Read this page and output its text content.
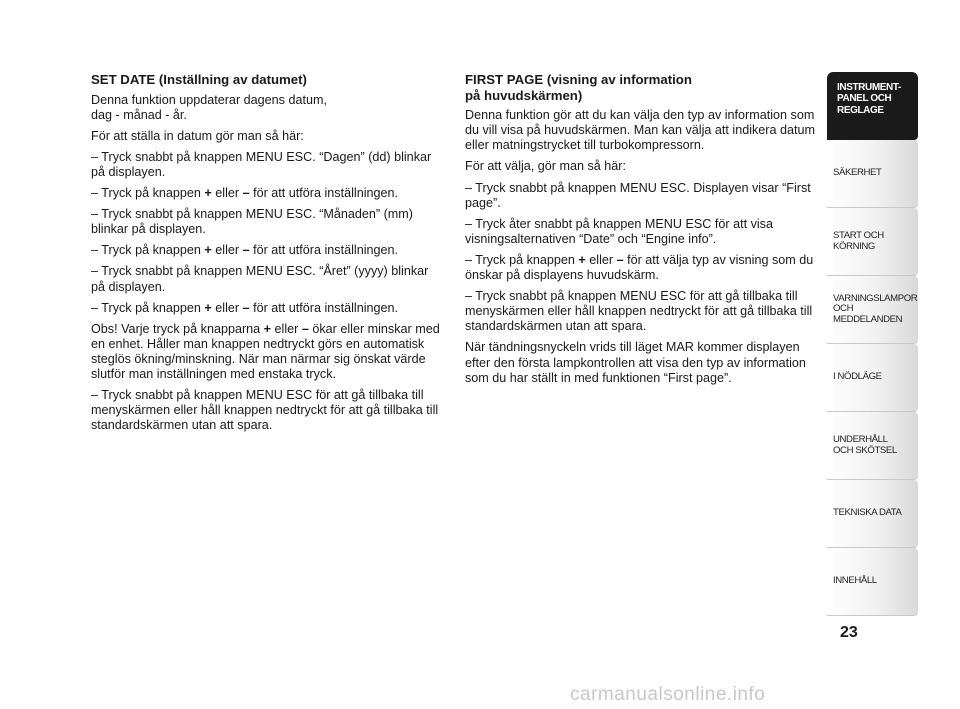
SET DATE (Inställning av datumet)

Denna funktion uppdaterar dagens datum,
dag - månad - år.

För att ställa in datum gör man så här:

– Tryck snabbt på knappen MENU ESC. “Dagen” (dd) blinkar på displayen.

– Tryck på knappen + eller – för att utföra inställningen.

– Tryck snabbt på knappen MENU ESC. “Månaden” (mm) blinkar på displayen.

– Tryck på knappen + eller – för att utföra inställningen.

– Tryck snabbt på knappen MENU ESC. “Året” (yyyy) blinkar på displayen.

– Tryck på knappen + eller – för att utföra inställningen.

Obs! Varje tryck på knapparna + eller – ökar eller minskar med en enhet. Håller man knappen nedtryckt görs en automatisk steglös ökning/minskning. När man närmar sig önskat värde slutför man inställningen med enstaka tryck.

– Tryck snabbt på knappen MENU ESC för att gå tillbaka till menyskärmen eller håll knappen nedtryckt för att gå tillbaka till standardskärmen utan att spara.

FIRST PAGE (visning av information
på huvudskärmen)

Denna funktion gör att du kan välja den typ av information som du vill visa på huvudskärmen. Man kan välja att indikera datum eller matningstrycket till turbokompressorn.

För att välja, gör man så här:

– Tryck snabbt på knappen MENU ESC. Displayen visar “First page”.

– Tryck åter snabbt på knappen MENU ESC för att visa visningsalternativen “Date” och “Engine info”.

– Tryck på knappen + eller – för att välja typ av visning som du önskar på displayens huvudskärm.

– Tryck snabbt på knappen MENU ESC för att gå tillbaka till menyskärmen eller håll knappen nedtryckt för att gå tillbaka till standardskärmen utan att spara.

När tändningsnyckeln vrids till läget MAR kommer displayen efter den första lampkontrollen att visa den typ av information som du har ställt in med funktionen “First page”.

INSTRUMENT-
PANEL OCH
REGLAGE
SÄKERHET
START OCH
KÖRNING
VARNINGSLAMPOR
OCH
MEDDELANDEN
I NÖDLÄGE
UNDERHÅLL
OCH SKÖTSEL
TEKNISKA DATA
INNEHÅLL
23
carmanualsonline.info
